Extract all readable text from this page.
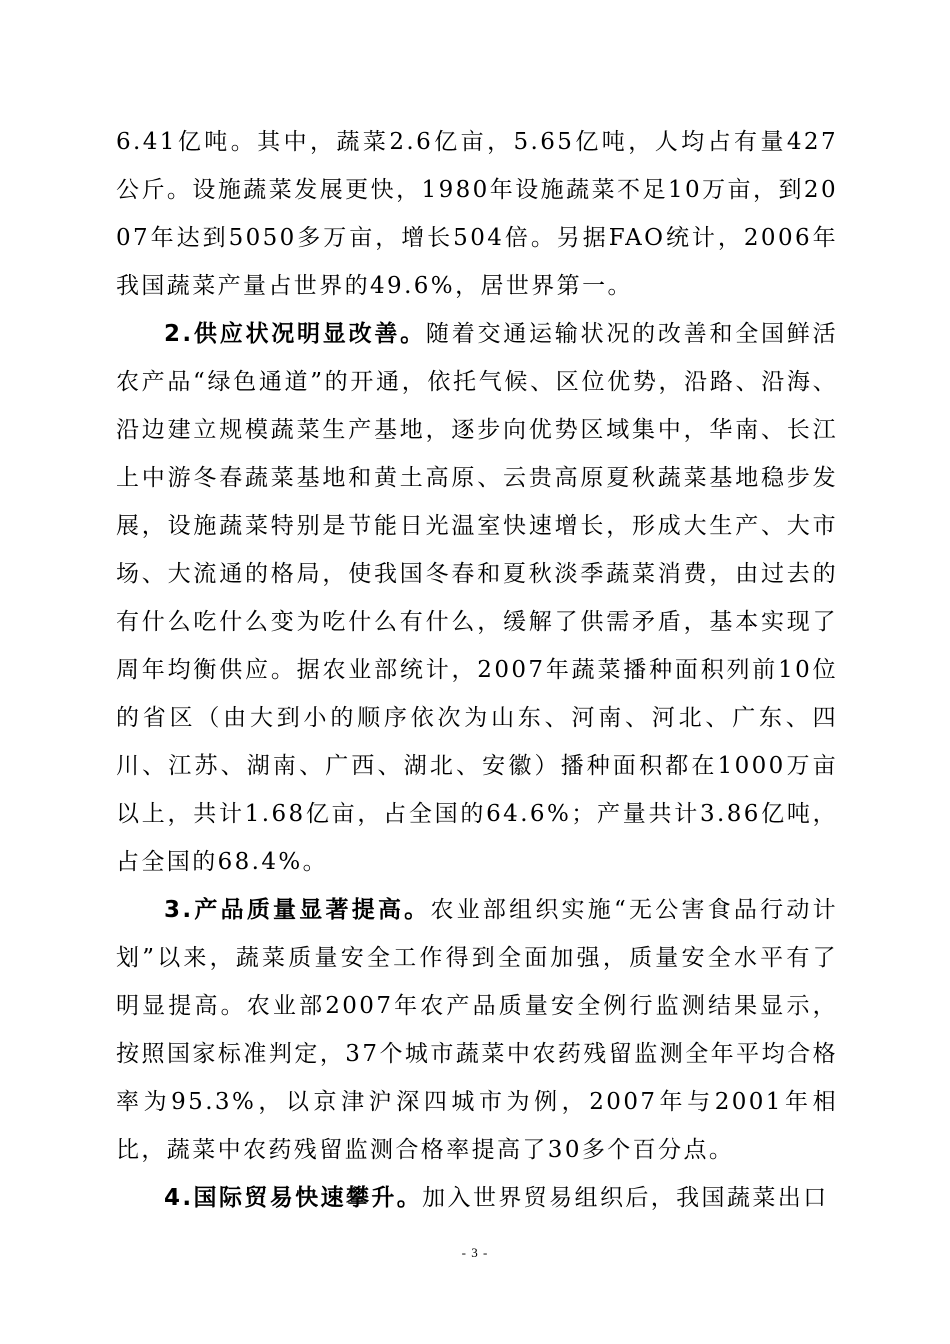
6.41亿吨。其中，蔬菜2.6亿亩，5.65亿吨，人均占有量427公斤。设施蔬菜发展更快，1980年设施蔬菜不足10万亩，到2007年达到5050多万亩，增长504倍。另据FAO统计，2006年我国蔬菜产量占世界的49.6%，居世界第一。

2.供应状况明显改善。随着交通运输状况的改善和全国鲜活农产品“绿色通道”的开通，依托气候、区位优势，沿路、沿海、沿边建立规模蔬菜生产基地，逐步向优势区域集中，华南、长江上中游冬春蔬菜基地和黄土高原、云贵高原夏秋蔬菜基地稳步发展，设施蔬菜特别是节能日光温室快速增长，形成大生产、大市场、大流通的格局，使我国冬春和夏秋淡季蔬菜消费，由过去的有什么吃什么变为吃什么有什么，缓解了供需矛盾，基本实现了周年均衡供应。据农业部统计，2007年蔬菜播种面积列前10位的省区（由大到小的顺序依次为山东、河南、河北、广东、四川、江苏、湖南、广西、湖北、安徽）播种面积都在1000万亩以上，共计1.68亿亩，占全国的64.6%；产量共计3.86亿吨，占全国的68.4%。

3.产品质量显著提高。农业部组织实施“无公害食品行动计划”以来，蔬菜质量安全工作得到全面加强，质量安全水平有了明显提高。农业部2007年农产品质量安全例行监测结果显示，按照国家标准判定，37个城市蔬菜中农药残留监测全年平均合格率为95.3%，以京津沪深四城市为例，2007年与2001年相比，蔬菜中农药残留监测合格率提高了30多个百分点。

4.国际贸易快速攀升。加入世界贸易组织后，我国蔬菜出口

- 3 -
